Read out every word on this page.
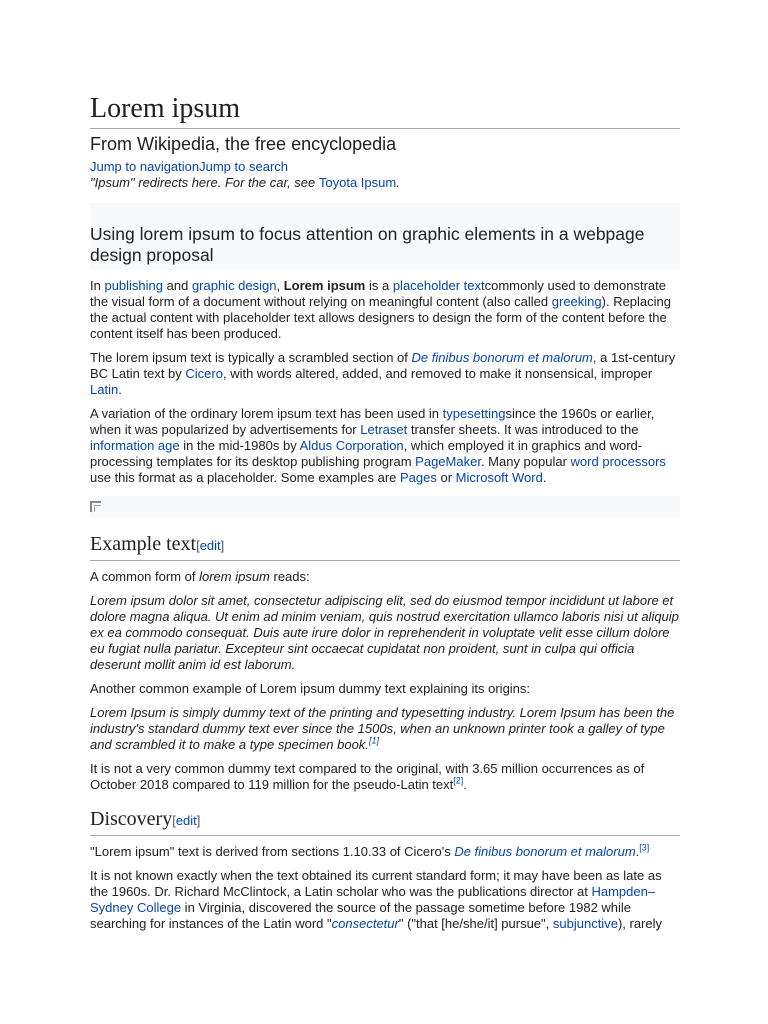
Lorem ipsum
From Wikipedia, the free encyclopedia
Jump to navigationJump to search
"Ipsum" redirects here. For the car, see Toyota Ipsum.
Using lorem ipsum to focus attention on graphic elements in a webpage design proposal

In publishing and graphic design, Lorem ipsum is a placeholder textcommonly used to demonstrate the visual form of a document without relying on meaningful content (also called greeking). Replacing the actual content with placeholder text allows designers to design the form of the content before the content itself has been produced.

The lorem ipsum text is typically a scrambled section of De finibus bonorum et malorum, a 1st-century BC Latin text by Cicero, with words altered, added, and removed to make it nonsensical, improper Latin.

A variation of the ordinary lorem ipsum text has been used in typesettingsince the 1960s or earlier, when it was popularized by advertisements for Letraset transfer sheets. It was introduced to the information age in the mid-1980s by Aldus Corporation, which employed it in graphics and word-processing templates for its desktop publishing program PageMaker. Many popular word processors use this format as a placeholder. Some examples are Pages or Microsoft Word.

Example text[edit]

A common form of lorem ipsum reads:

Lorem ipsum dolor sit amet, consectetur adipiscing elit, sed do eiusmod tempor incididunt ut labore et dolore magna aliqua. Ut enim ad minim veniam, quis nostrud exercitation ullamco laboris nisi ut aliquip ex ea commodo consequat. Duis aute irure dolor in reprehenderit in voluptate velit esse cillum dolore eu fugiat nulla pariatur. Excepteur sint occaecat cupidatat non proident, sunt in culpa qui officia deserunt mollit anim id est laborum.

Another common example of Lorem ipsum dummy text explaining its origins:

Lorem Ipsum is simply dummy text of the printing and typesetting industry. Lorem Ipsum has been the industry's standard dummy text ever since the 1500s, when an unknown printer took a galley of type and scrambled it to make a type specimen book.[1]

It is not a very common dummy text compared to the original, with 3.65 million occurrences as of October 2018 compared to 119 million for the pseudo-Latin text[2].

Discovery[edit]

"Lorem ipsum" text is derived from sections 1.10.33 of Cicero's De finibus bonorum et malorum.[3]

It is not known exactly when the text obtained its current standard form; it may have been as late as the 1960s. Dr. Richard McClintock, a Latin scholar who was the publications director at Hampden–Sydney College in Virginia, discovered the source of the passage sometime before 1982 while searching for instances of the Latin word "consectetur" ("that [he/she/it] pursue", subjunctive), rarely
